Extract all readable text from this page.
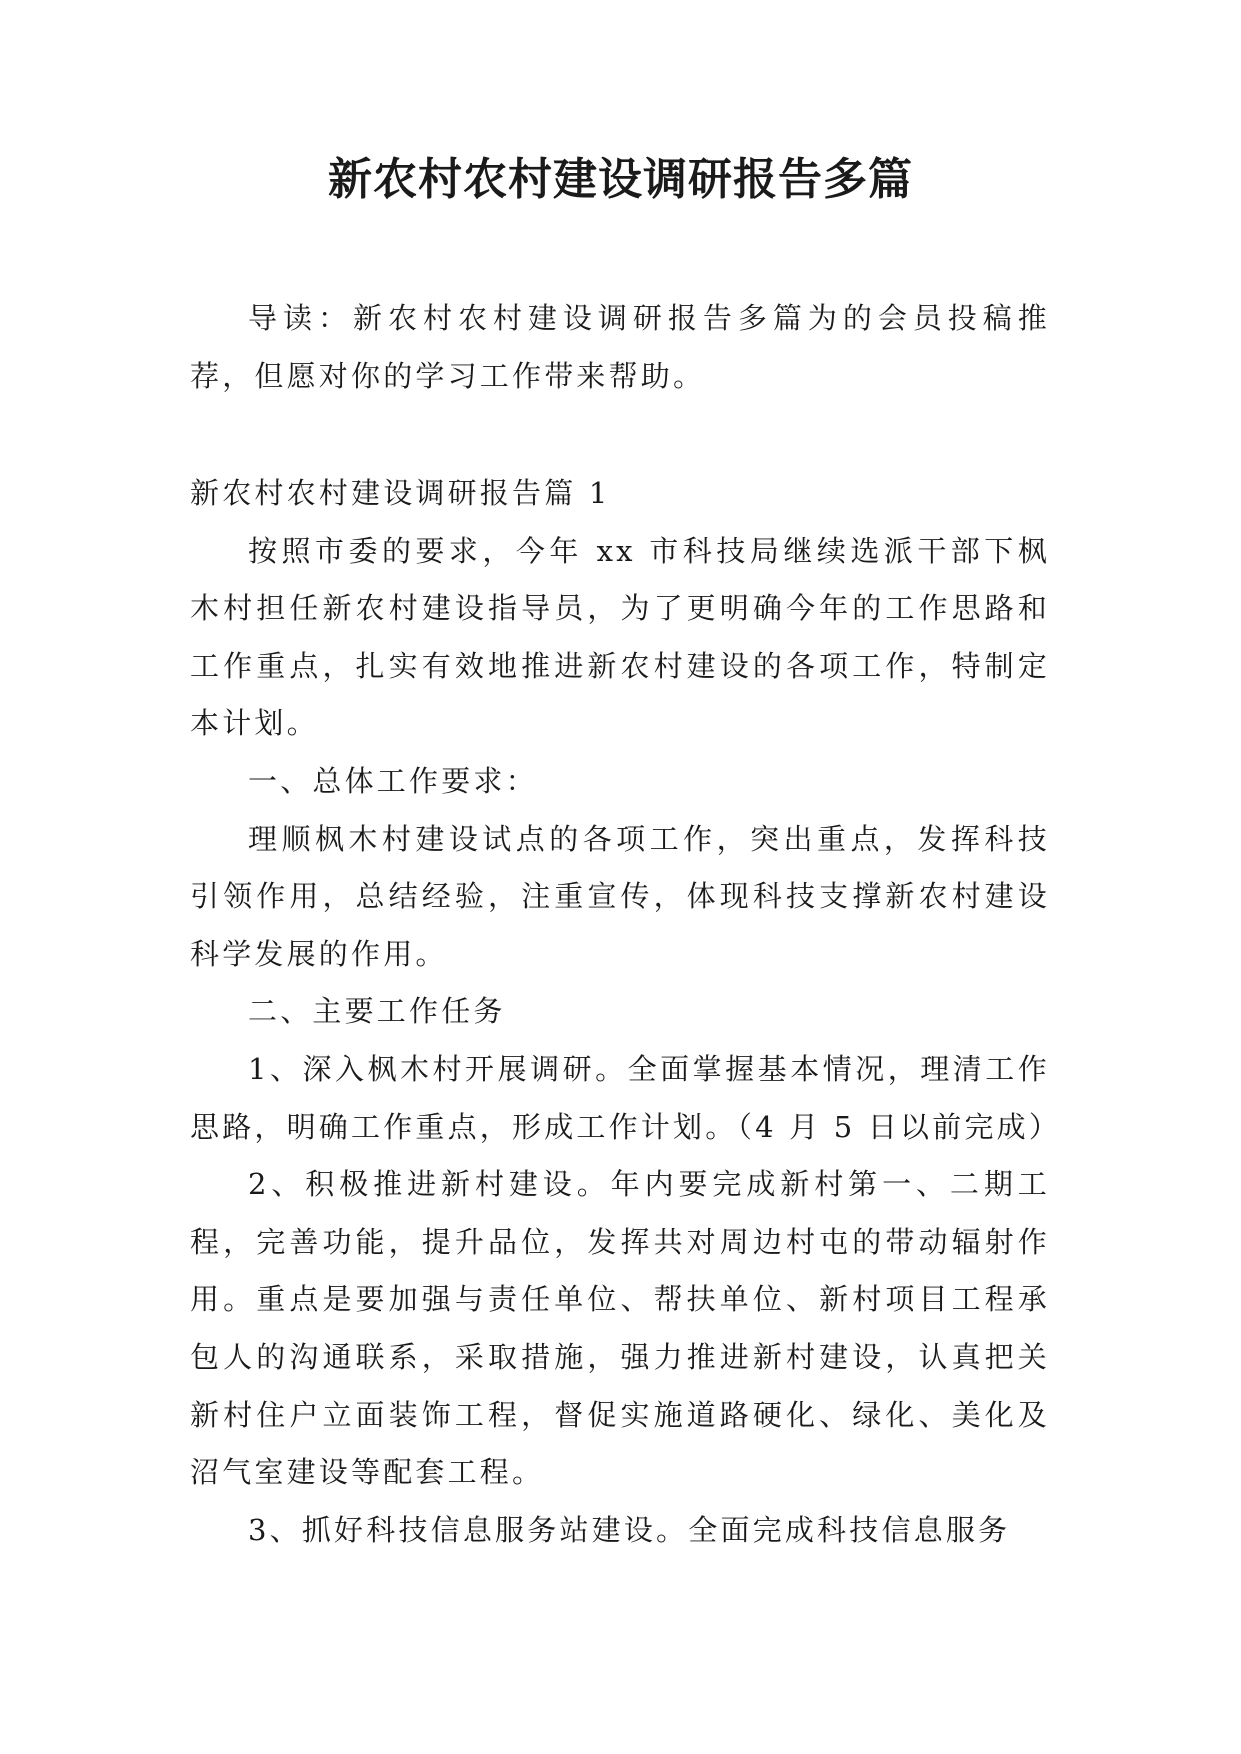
新农村农村建设调研报告多篇

导读：新农村农村建设调研报告多篇为的会员投稿推荐，但愿对你的学习工作带来帮助。

新农村农村建设调研报告篇 1

按照市委的要求，今年 xx 市科技局继续选派干部下枫木村担任新农村建设指导员，为了更明确今年的工作思路和工作重点，扎实有效地推进新农村建设的各项工作，特制定本计划。

一、总体工作要求：

理顺枫木村建设试点的各项工作，突出重点，发挥科技引领作用，总结经验，注重宣传，体现科技支撑新农村建设科学发展的作用。

二、主要工作任务

1、深入枫木村开展调研。全面掌握基本情况，理清工作思路，明确工作重点，形成工作计划。（4 月 5 日以前完成）

2、积极推进新村建设。年内要完成新村第一、二期工程，完善功能，提升品位，发挥共对周边村屯的带动辐射作用。重点是要加强与责任单位、帮扶单位、新村项目工程承包人的沟通联系，采取措施，强力推进新村建设，认真把关新村住户立面装饰工程，督促实施道路硬化、绿化、美化及沼气室建设等配套工程。

3、抓好科技信息服务站建设。全面完成科技信息服务
